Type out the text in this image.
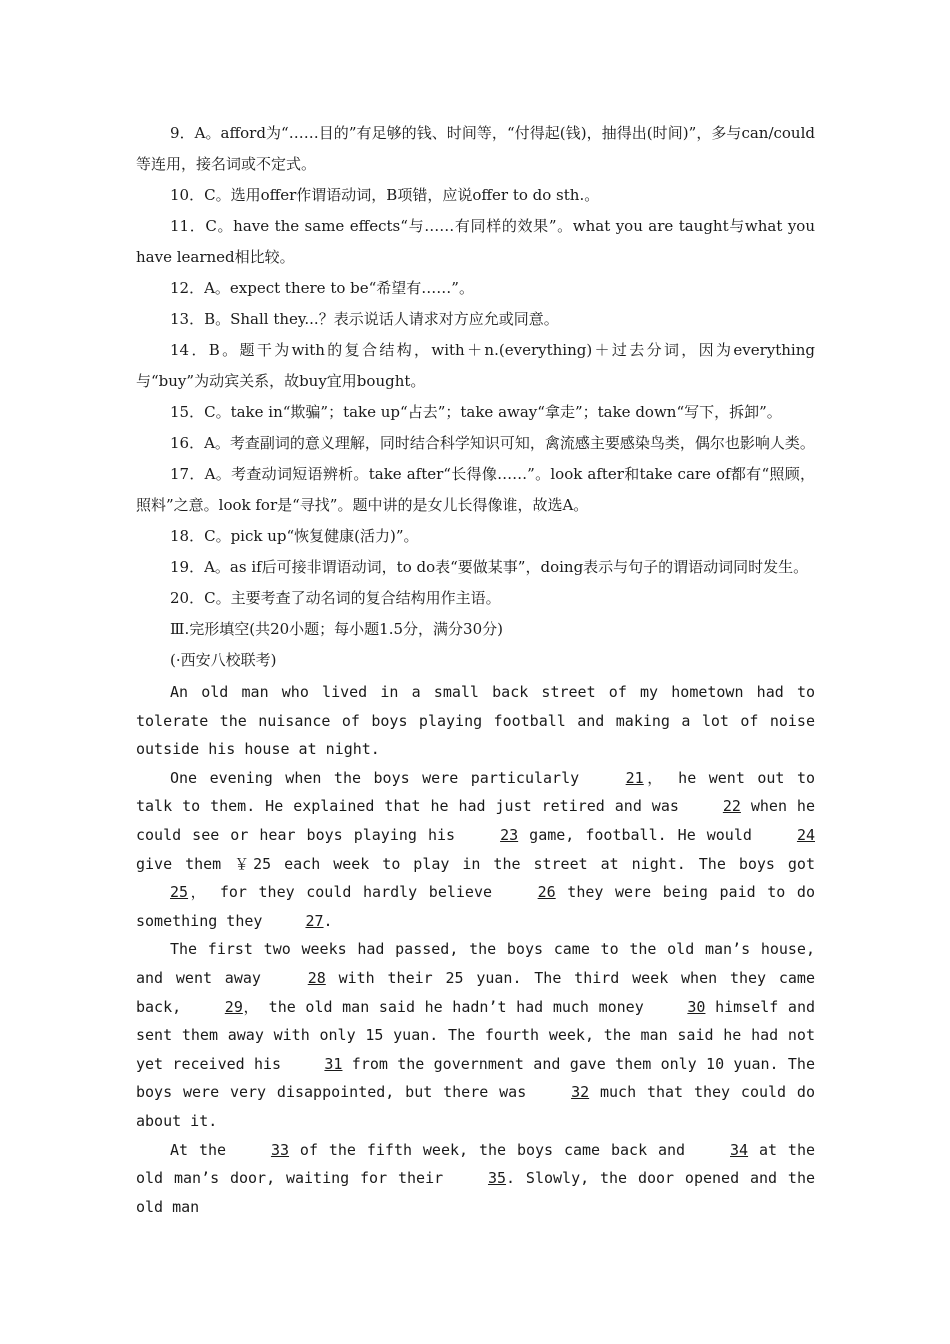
9．A。afford为“……目的”有足够的钱、时间等，“付得起(钱)，抽得出(时间)”，多与can/could等连用，接名词或不定式。

10．C。选用offer作谓语动词，B项错，应说offer to do sth.。

11．C。have the same effects“与……有同样的效果”。what you are taught与what you have learned相比较。

12．A。expect there to be“希望有……”。

13．B。Shall they...？表示说话人请求对方应允或同意。

14．B。题干为with的复合结构，with＋n.(everything)＋过去分词，因为everything与“buy”为动宾关系，故buy宜用bought。

15．C。take in“欺骗”；take up“占去”；take away“拿走”；take down“写下，拆卸”。

16．A。考查副词的意义理解，同时结合科学知识可知，禽流感主要感染鸟类，偶尔也影响人类。

17．A。考查动词短语辨析。take after“长得像……”。look after和take care of都有“照顾，照料”之意。look for是“寻找”。题中讲的是女儿长得像谁，故选A。

18．C。pick up“恢复健康(活力)”。

19．A。as if后可接非谓语动词，to do表“要做某事”，doing表示与句子的谓语动词同时发生。

20．C。主要考查了动名词的复合结构用作主语。

Ⅲ.完形填空(共20小题；每小题1.5分，满分30分)

(·西安八校联考)

An old man who lived in a small back street of my hometown had to tolerate the nuisance of boys playing football and making a lot of noise outside his house at night.

One evening when the boys were particularly 21， he went out to talk to them. He explained that he had just retired and was 22 when he could see or hear boys playing his 23 game, football. He would 24 give them ￥25 each week to play in the street at night. The boys got 25， for they could hardly believe 26 they were being paid to do something they 27.

The first two weeks had passed, the boys came to the old man’s house, and went away 28 with their 25 yuan. The third week when they came back, 29， the old man said he hadn’t had much money 30 himself and sent them away with only 15 yuan. The fourth week, the man said he had not yet received his 31 from the government and gave them only 10 yuan. The boys were very disappointed, but there was 32 much that they could do about it.

At the 33 of the fifth week, the boys came back and 34 at the old man’s door, waiting for their 35. Slowly, the door opened and the old man
